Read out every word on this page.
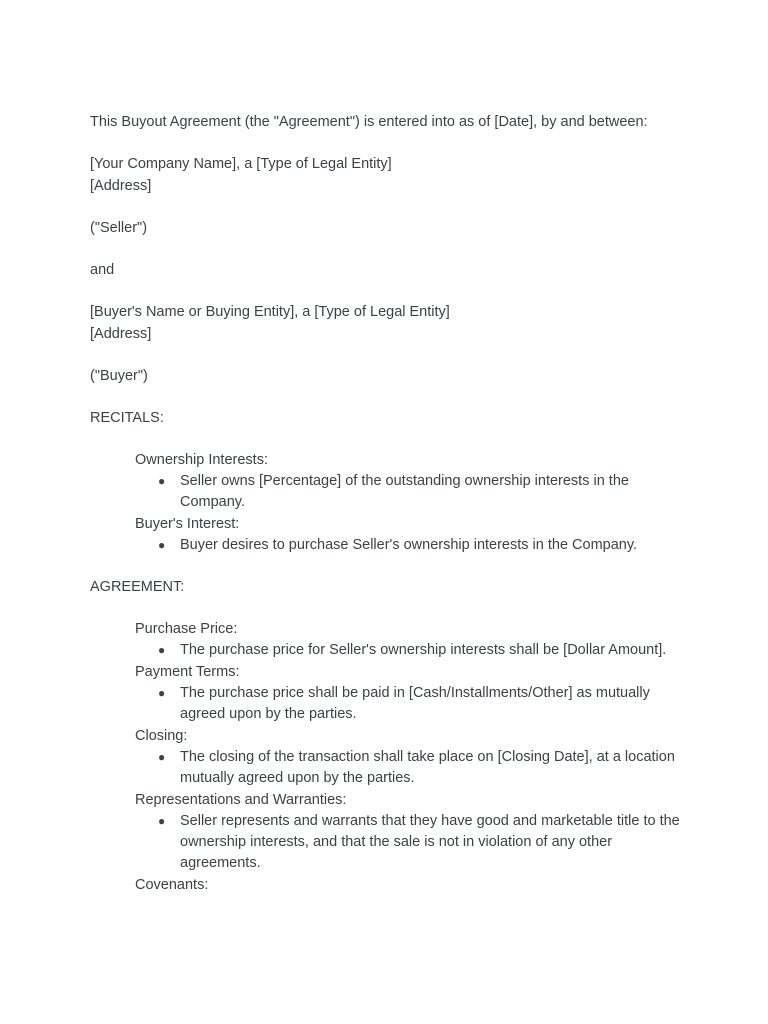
This Buyout Agreement (the "Agreement") is entered into as of [Date], by and between:
[Your Company Name], a [Type of Legal Entity]
[Address]
("Seller")
and
[Buyer's Name or Buying Entity], a [Type of Legal Entity]
[Address]
("Buyer")
RECITALS:
Ownership Interests:
● Seller owns [Percentage] of the outstanding ownership interests in the Company.
Buyer's Interest:
● Buyer desires to purchase Seller's ownership interests in the Company.
AGREEMENT:
Purchase Price:
● The purchase price for Seller's ownership interests shall be [Dollar Amount].
Payment Terms:
● The purchase price shall be paid in [Cash/Installments/Other] as mutually agreed upon by the parties.
Closing:
● The closing of the transaction shall take place on [Closing Date], at a location mutually agreed upon by the parties.
Representations and Warranties:
● Seller represents and warrants that they have good and marketable title to the ownership interests, and that the sale is not in violation of any other agreements.
Covenants:
